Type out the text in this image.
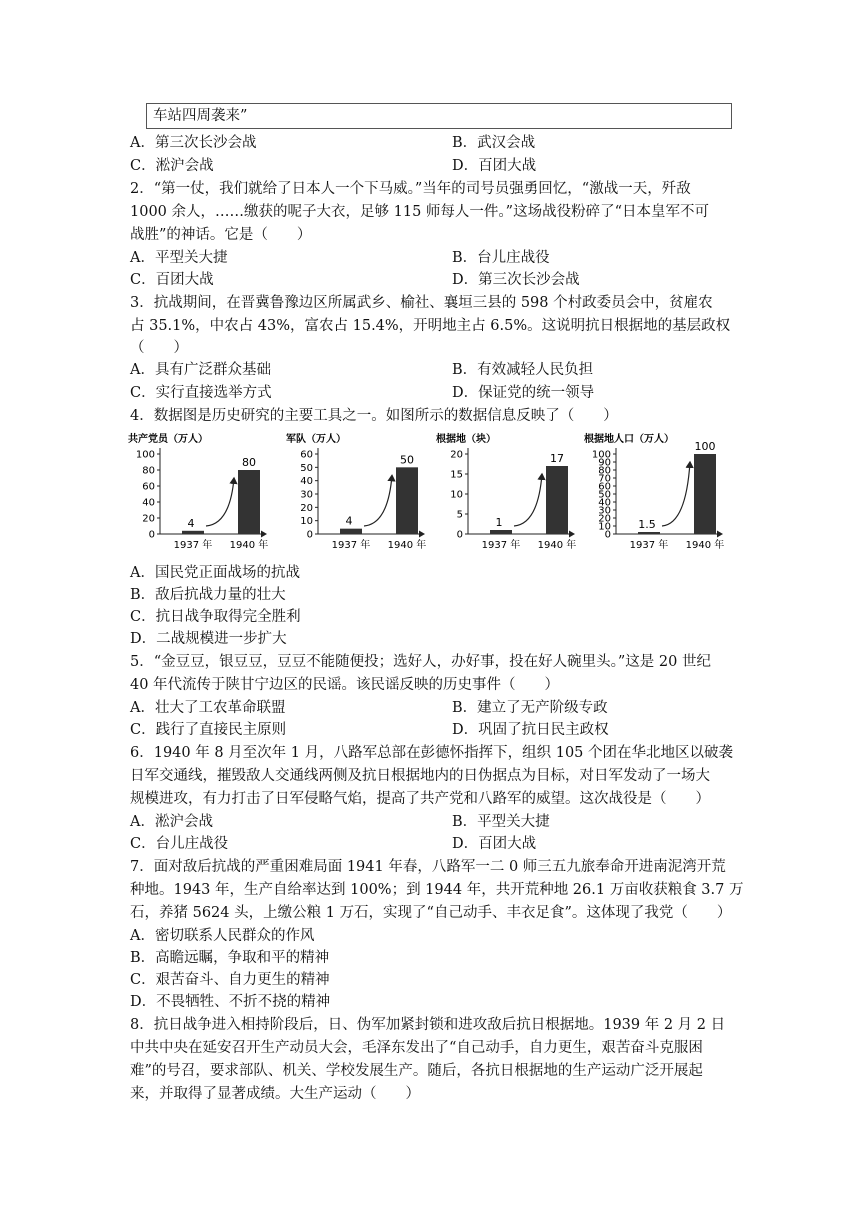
车站四周袭来”
A．第三次长沙会战	B．武汉会战
C．淞沪会战	D．百团大战
2．“第一仗，我们就给了日本人一个下马威。”当年的司号员强勇回忆，“激战一天，歼敌
1000 余人，……缴获的呢子大衣，足够 115 师每人一件。”这场战役粉碎了“日本皇军不可
战胜”的神话。它是（　　）
A．平型关大捷	B．台儿庄战役
C．百团大战	D．第三次长沙会战
3．抗战期间，在晋冀鲁豫边区所属武乡、榆社、襄垣三县的 598 个村政委员会中，贫雇农
占 35.1%，中农占 43%，富农占 15.4%，开明地主占 6.5%。这说明抗日根据地的基层政权
（　　）
A．具有广泛群众基础	B．有效减轻人民负担
C．实行直接选举方式	D．保证党的统一领导
4．数据图是历史研究的主要工具之一。如图所示的数据信息反映了（　　）
共产党员（万人）
0
20
40
60
80
100
4
1937 年
80
1940 年
军队（万人）
0
10
20
30
40
50
60
4
1937 年
50
1940 年
根据地（块）
0
5
10
15
20
1
1937 年
17
1940 年
根据地人口（万人）
0
10
20
30
40
50
60
70
80
90
100
1.5
1937 年
100
1940 年
A．国民党正面战场的抗战
B．敌后抗战力量的壮大
C．抗日战争取得完全胜利
D．二战规模进一步扩大
5．“金豆豆，银豆豆，豆豆不能随便投；选好人，办好事，投在好人碗里头。”这是 20 世纪
40 年代流传于陕甘宁边区的民谣。该民谣反映的历史事件（　　）
A．壮大了工农革命联盟	B．建立了无产阶级专政
C．践行了直接民主原则	D．巩固了抗日民主政权
6．1940 年 8 月至次年 1 月，八路军总部在彭德怀指挥下，组织 105 个团在华北地区以破袭
日军交通线，摧毁敌人交通线两侧及抗日根据地内的日伪据点为目标，对日军发动了一场大
规模进攻，有力打击了日军侵略气焰，提高了共产党和八路军的威望。这次战役是（　　）
A．淞沪会战	B．平型关大捷
C．台儿庄战役	D．百团大战
7．面对敌后抗战的严重困难局面 1941 年春，八路军一二 0 师三五九旅奉命开进南泥湾开荒
种地。1943 年，生产自给率达到 100%；到 1944 年，共开荒种地 26.1 万亩收获粮食 3.7 万
石，养猪 5624 头，上缴公粮 1 万石，实现了“自己动手、丰衣足食”。这体现了我党（　　）
A．密切联系人民群众的作风
B．高瞻远瞩，争取和平的精神
C．艰苦奋斗、自力更生的精神
D．不畏牺牲、不折不挠的精神
8．抗日战争进入相持阶段后，日、伪军加紧封锁和进攻敌后抗日根据地。1939 年 2 月 2 日
中共中央在延安召开生产动员大会，毛泽东发出了“自己动手，自力更生，艰苦奋斗克服困
难”的号召，要求部队、机关、学校发展生产。随后，各抗日根据地的生产运动广泛开展起
来，并取得了显著成绩。大生产运动（　　）
